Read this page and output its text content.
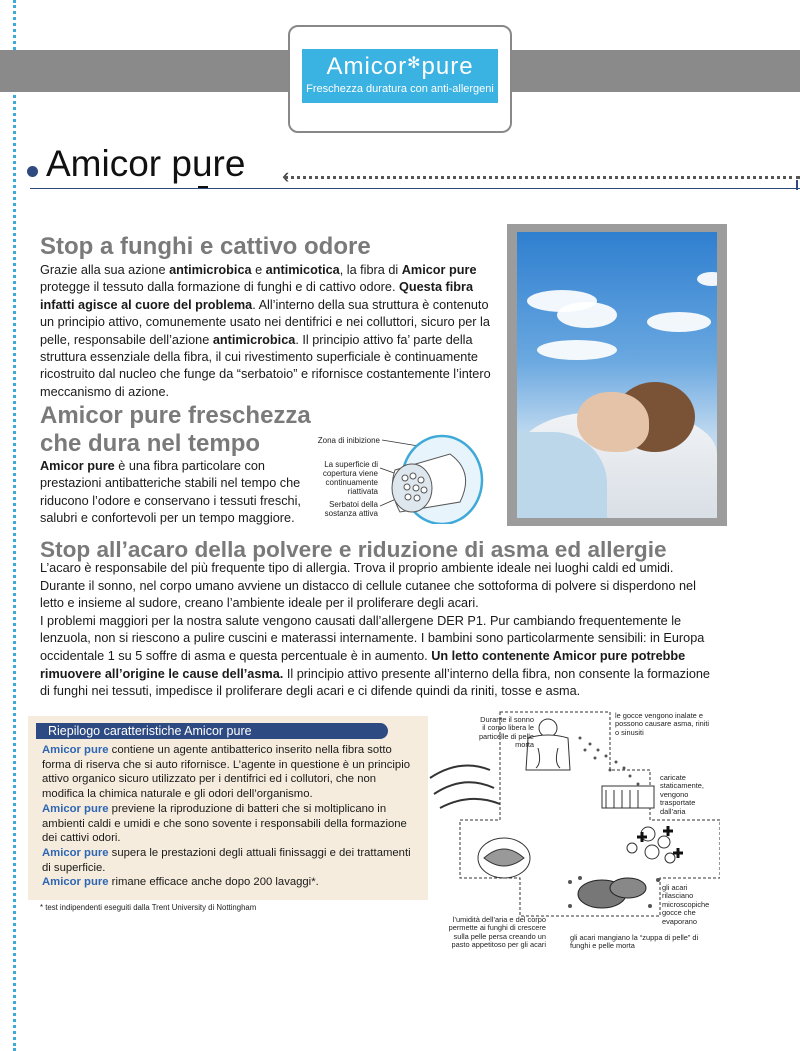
Amicor✻pure
Freschezza duratura con anti-allergeni
Amicor pure ‹
Stop a funghi e cattivo odore

Grazie alla sua azione antimicrobica e antimicotica, la fibra di Amicor pure protegge il tessuto dalla formazione di funghi e di cattivo odore. Questa fibra infatti agisce al cuore del problema. All’interno della sua struttura è contenuto un principio attivo, comunemente usato nei dentifrici e nei colluttori, sicuro per la pelle, responsabile dell’azione antimicrobica. Il principio attivo fa’ parte della struttura essenziale della fibra, il cui rivestimento superficiale è continuamente ricostruito dal nucleo che funge da “serbatoio” e rifornisce costantemente l’intero meccanismo di azione.

Amicor pure freschezza
che dura nel tempo

Amicor pure è una fibra particolare con prestazioni antibatteriche stabili nel tempo che riducono l’odore e conservano i tessuti freschi, salubri e confortevoli per un tempo maggiore.

Zona di inibizione
La superficie di copertura viene continuamente riattivata
Serbatoi della sostanza attiva
Stop all’acaro della polvere e riduzione di asma ed allergie

L’acaro è responsabile del più frequente tipo di allergia. Trova il proprio ambiente ideale nei luoghi caldi ed umidi.
Durante il sonno, nel corpo umano avviene un distacco di cellule cutanee che sottoforma di polvere si disperdono nel
letto e insieme al sudore, creano l’ambiente ideale per il proliferare degli acari.
I problemi maggiori per la nostra salute vengono causati dall’allergene DER P1. Pur cambiando frequentemente le
lenzuola, non si riescono a pulire cuscini e materassi internamente. I bambini sono particolarmente sensibili: in Europa
occidentale 1 su 5 soffre di asma e questa percentuale è in aumento. Un letto contenente Amicor pure potrebbe
rimuovere all’origine le cause dell’asma. Il principio attivo presente all’interno della fibra, non consente la formazione
di funghi nei tessuti, impedisce il proliferare degli acari e ci difende quindi da riniti, tosse e asma.

Riepilogo caratteristiche Amicor pure

Amicor pure contiene un agente antibatterico inserito nella fibra sotto
forma di riserva che si auto rifornisce. L’agente in questione è un principio
attivo organico sicuro utilizzato per i dentifrici ed i collutori, che non
modifica la chimica naturale e gli odori dell’organismo.
Amicor pure previene la riproduzione di batteri che si moltiplicano in
ambienti caldi e umidi e che sono sovente i responsabili della formazione
dei cattivi odori.
Amicor pure supera le prestazioni degli attuali finissaggi e dei trattamenti
di superficie.
Amicor pure rimane efficace anche dopo 200 lavaggi*.

* test indipendenti eseguiti dalla Trent University di Nottingham

Durante il sonno il corpo libera le particelle di pelle morta
le gocce vengono inalate e possono causare asma, riniti o sinusiti
caricate staticamente, vengono trasportate dall’aria
gli acari rilasciano microscopiche gocce che evaporano
l’umidità dell’aria e del corpo permette ai funghi di crescere sulla pelle persa creando un pasto appetitoso per gli acari
gli acari mangiano la “zuppa di pelle” di funghi e pelle morta
